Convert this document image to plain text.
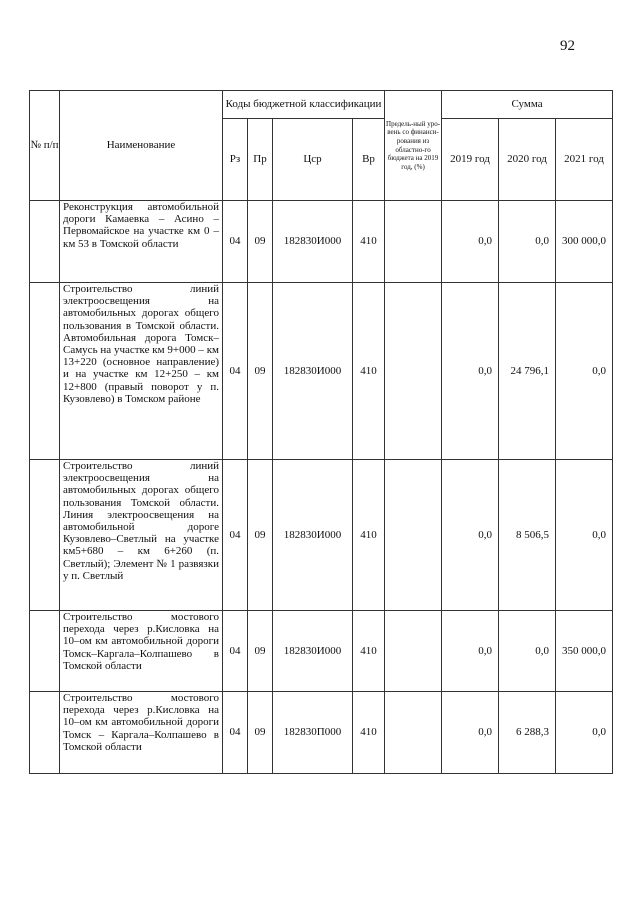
92
№ п/п	Наименование	Коды бюджетной классификации				Предель-ный уро-вень со финанси-рования из областно-го бюджета на 2019 год, (%)	Сумма		
		Рз	Пр	Цср	Вр		2019 год	2020 год	2021 год

	Реконструкция автомобильной дороги Камаевка – Асино – Первомайское на участке км 0 – км 53 в Томской области	04	09	182830И000	410		0,0	0,0	300 000,0

	Строительство линий электроосвещения на автомобильных дорогах общего пользования в Томской области. Автомобильная дорога Томск–Самусь на участке км 9+000 – км 13+220 (основное направление) и на участке км 12+250 – км 12+800 (правый поворот у п. Кузовлево) в Томском районе	04	09	182830И000	410		0,0	24 796,1	0,0

	Строительство линий электроосвещения на автомобильных дорогах общего пользования Томской области. Линия электроосвещения на автомобильной дороге Кузовлево–Светлый на участке км5+680 – км 6+260 (п. Светлый); Элемент № 1 развязки у п. Светлый	04	09	182830И000	410		0,0	8 506,5	0,0

	Строительство мостового перехода через р.Кисловка на 10–ом км автомобильной дороги Томск–Каргала–Колпашево в Томской области	04	09	182830И000	410		0,0	0,0	350 000,0

	Строительство мостового перехода через р.Кисловка на 10–ом км автомобильной дороги Томск – Каргала–Колпашево в Томской области	04	09	182830П000	410		0,0	6 288,3	0,0
